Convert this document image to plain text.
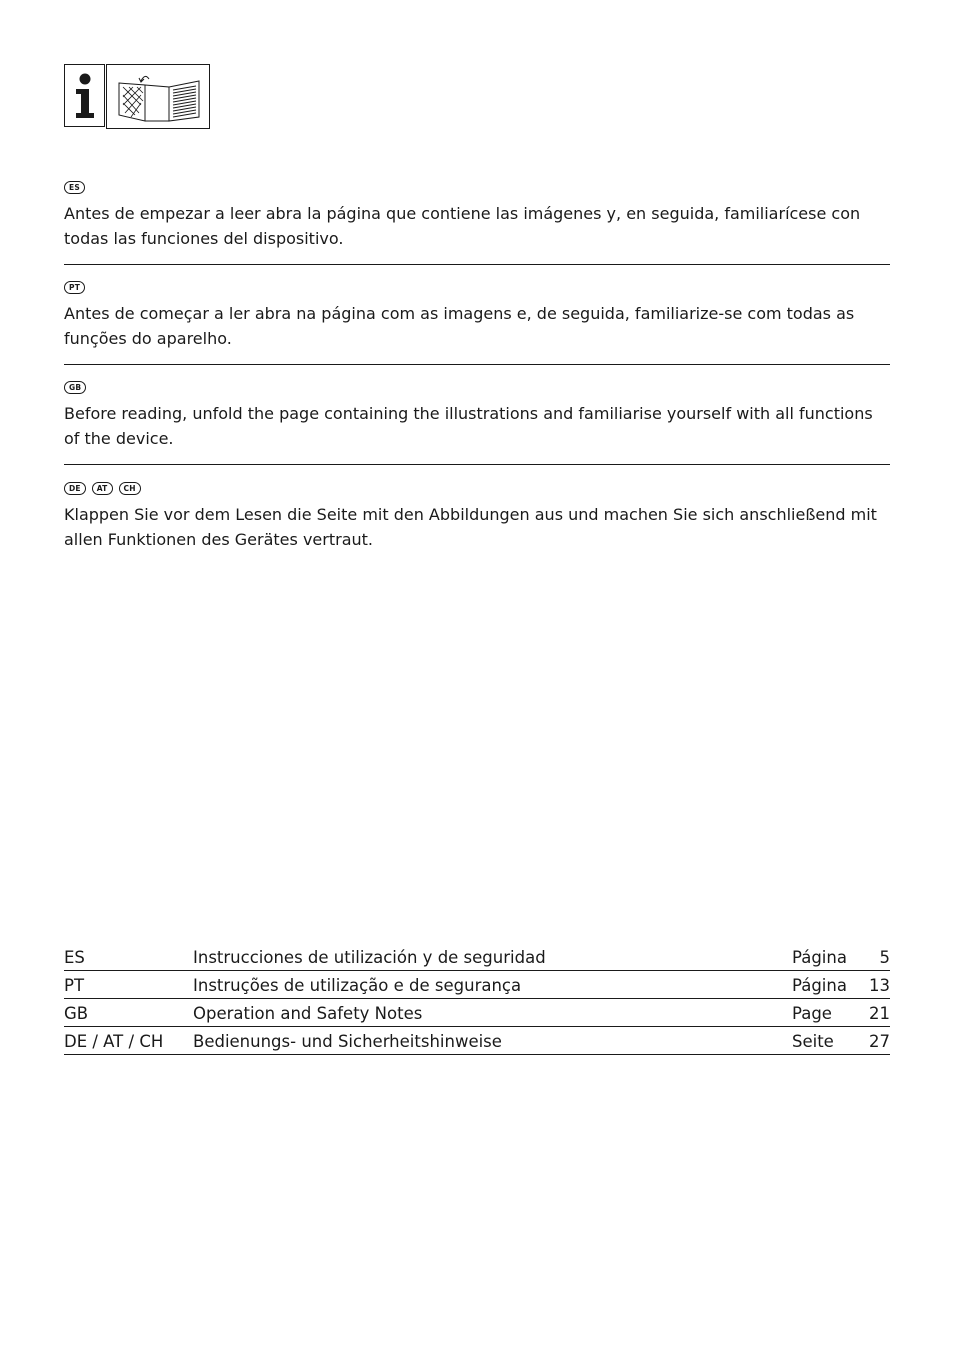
ES

Antes de empezar a leer abra la página que contiene las imágenes y, en seguida, familiarícese con todas las funciones del dispositivo.

PT

Antes de começar a ler abra na página com as imagens e, de seguida, familiarize-se com todas as funções do aparelho.

GB

Before reading, unfold the page containing the illustrations and familiarise yourself with all functions of the device.

DE	AT	CH

Klappen Sie vor dem Lesen die Seite mit den Abbildungen aus und machen Sie sich anschließend mit allen Funktionen des Gerätes vertraut.

ES	Instrucciones de utilización y de seguridad	Página	5
PT	Instruções de utilização e de segurança	Página	13
GB	Operation and Safety Notes	Page	21
DE / AT / CH	Bedienungs- und Sicherheitshinweise	Seite	27
